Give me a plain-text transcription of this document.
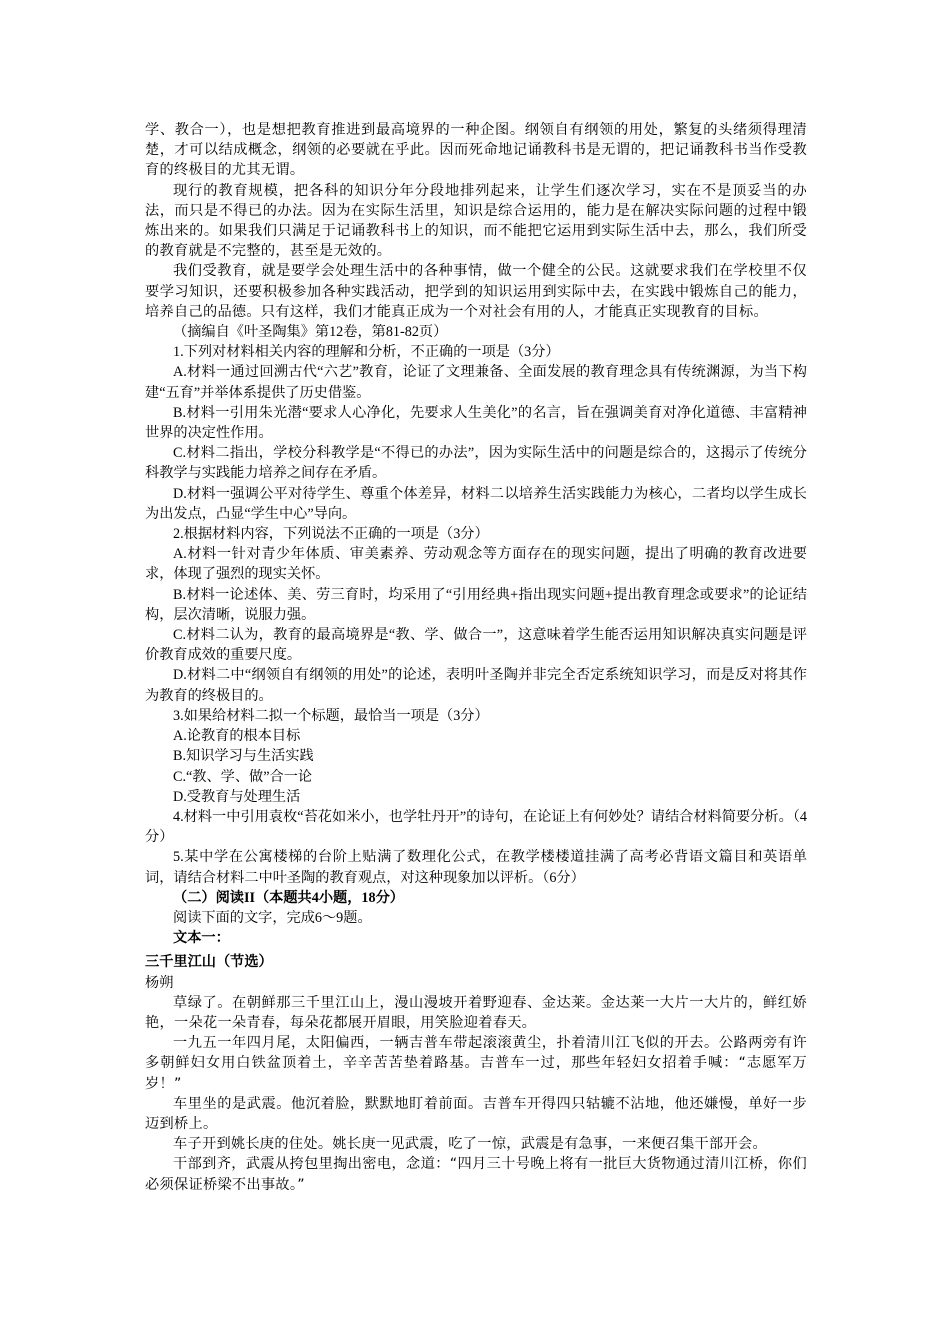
学、教合一），也是想把教育推进到最高境界的一种企图。纲领自有纲领的用处，繁复的头绪须得理清楚，才可以结成概念，纲领的必要就在乎此。因而死命地记诵教科书是无谓的，把记诵教科书当作受教育的终极目的尤其无谓。

现行的教育规模，把各科的知识分年分段地排列起来，让学生们逐次学习，实在不是顶妥当的办法，而只是不得已的办法。因为在实际生活里，知识是综合运用的，能力是在解决实际问题的过程中锻炼出来的。如果我们只满足于记诵教科书上的知识，而不能把它运用到实际生活中去，那么，我们所受的教育就是不完整的，甚至是无效的。

我们受教育，就是要学会处理生活中的各种事情，做一个健全的公民。这就要求我们在学校里不仅要学习知识，还要积极参加各种实践活动，把学到的知识运用到实际中去，在实践中锻炼自己的能力，培养自己的品德。只有这样，我们才能真正成为一个对社会有用的人，才能真正实现教育的目标。

（摘编自《叶圣陶集》第12卷，第81-82页）

1.下列对材料相关内容的理解和分析，不正确的一项是（3分）

A.材料一通过回溯古代“六艺”教育，论证了文理兼备、全面发展的教育理念具有传统渊源，为当下构建“五育”并举体系提供了历史借鉴。

B.材料一引用朱光潜“要求人心净化，先要求人生美化”的名言，旨在强调美育对净化道德、丰富精神世界的决定性作用。

C.材料二指出，学校分科教学是“不得已的办法”，因为实际生活中的问题是综合的，这揭示了传统分科教学与实践能力培养之间存在矛盾。

D.材料一强调公平对待学生、尊重个体差异，材料二以培养生活实践能力为核心，二者均以学生成长为出发点，凸显“学生中心”导向。

2.根据材料内容，下列说法不正确的一项是（3分）

A.材料一针对青少年体质、审美素养、劳动观念等方面存在的现实问题，提出了明确的教育改进要求，体现了强烈的现实关怀。

B.材料一论述体、美、劳三育时，均采用了“引用经典+指出现实问题+提出教育理念或要求”的论证结构，层次清晰，说服力强。

C.材料二认为，教育的最高境界是“教、学、做合一”，这意味着学生能否运用知识解决真实问题是评价教育成效的重要尺度。

D.材料二中“纲领自有纲领的用处”的论述，表明叶圣陶并非完全否定系统知识学习，而是反对将其作为教育的终极目的。

3.如果给材料二拟一个标题，最恰当一项是（3分）

A.论教育的根本目标

B.知识学习与生活实践

C.“教、学、做”合一论

D.受教育与处理生活

4.材料一中引用袁枚“苔花如米小，也学牡丹开”的诗句，在论证上有何妙处？请结合材料简要分析。（4分）

5.某中学在公寓楼梯的台阶上贴满了数理化公式，在教学楼楼道挂满了高考必背语文篇目和英语单词，请结合材料二中叶圣陶的教育观点，对这种现象加以评析。（6分）

（二）阅读II（本题共4小题，18分）

阅读下面的文字，完成6～9题。

文本一：

三千里江山（节选）

杨朔

草绿了。在朝鲜那三千里江山上，漫山漫坡开着野迎春、金达莱。金达莱一大片一大片的，鲜红娇艳，一朵花一朵青春，每朵花都展开眉眼，用笑脸迎着春天。

一九五一年四月尾，太阳偏西，一辆吉普车带起滚滚黄尘，扑着清川江飞似的开去。公路两旁有许多朝鲜妇女用白铁盆顶着土，辛辛苦苦垫着路基。吉普车一过，那些年轻妇女招着手喊：“志愿军万岁！”

车里坐的是武震。他沉着脸，默默地盯着前面。吉普车开得四只轱辘不沾地，他还嫌慢，单好一步迈到桥上。

车子开到姚长庚的住处。姚长庚一见武震，吃了一惊，武震是有急事，一来便召集干部开会。

干部到齐，武震从挎包里掏出密电，念道：“四月三十号晚上将有一批巨大货物通过清川江桥，你们必须保证桥梁不出事故。”
